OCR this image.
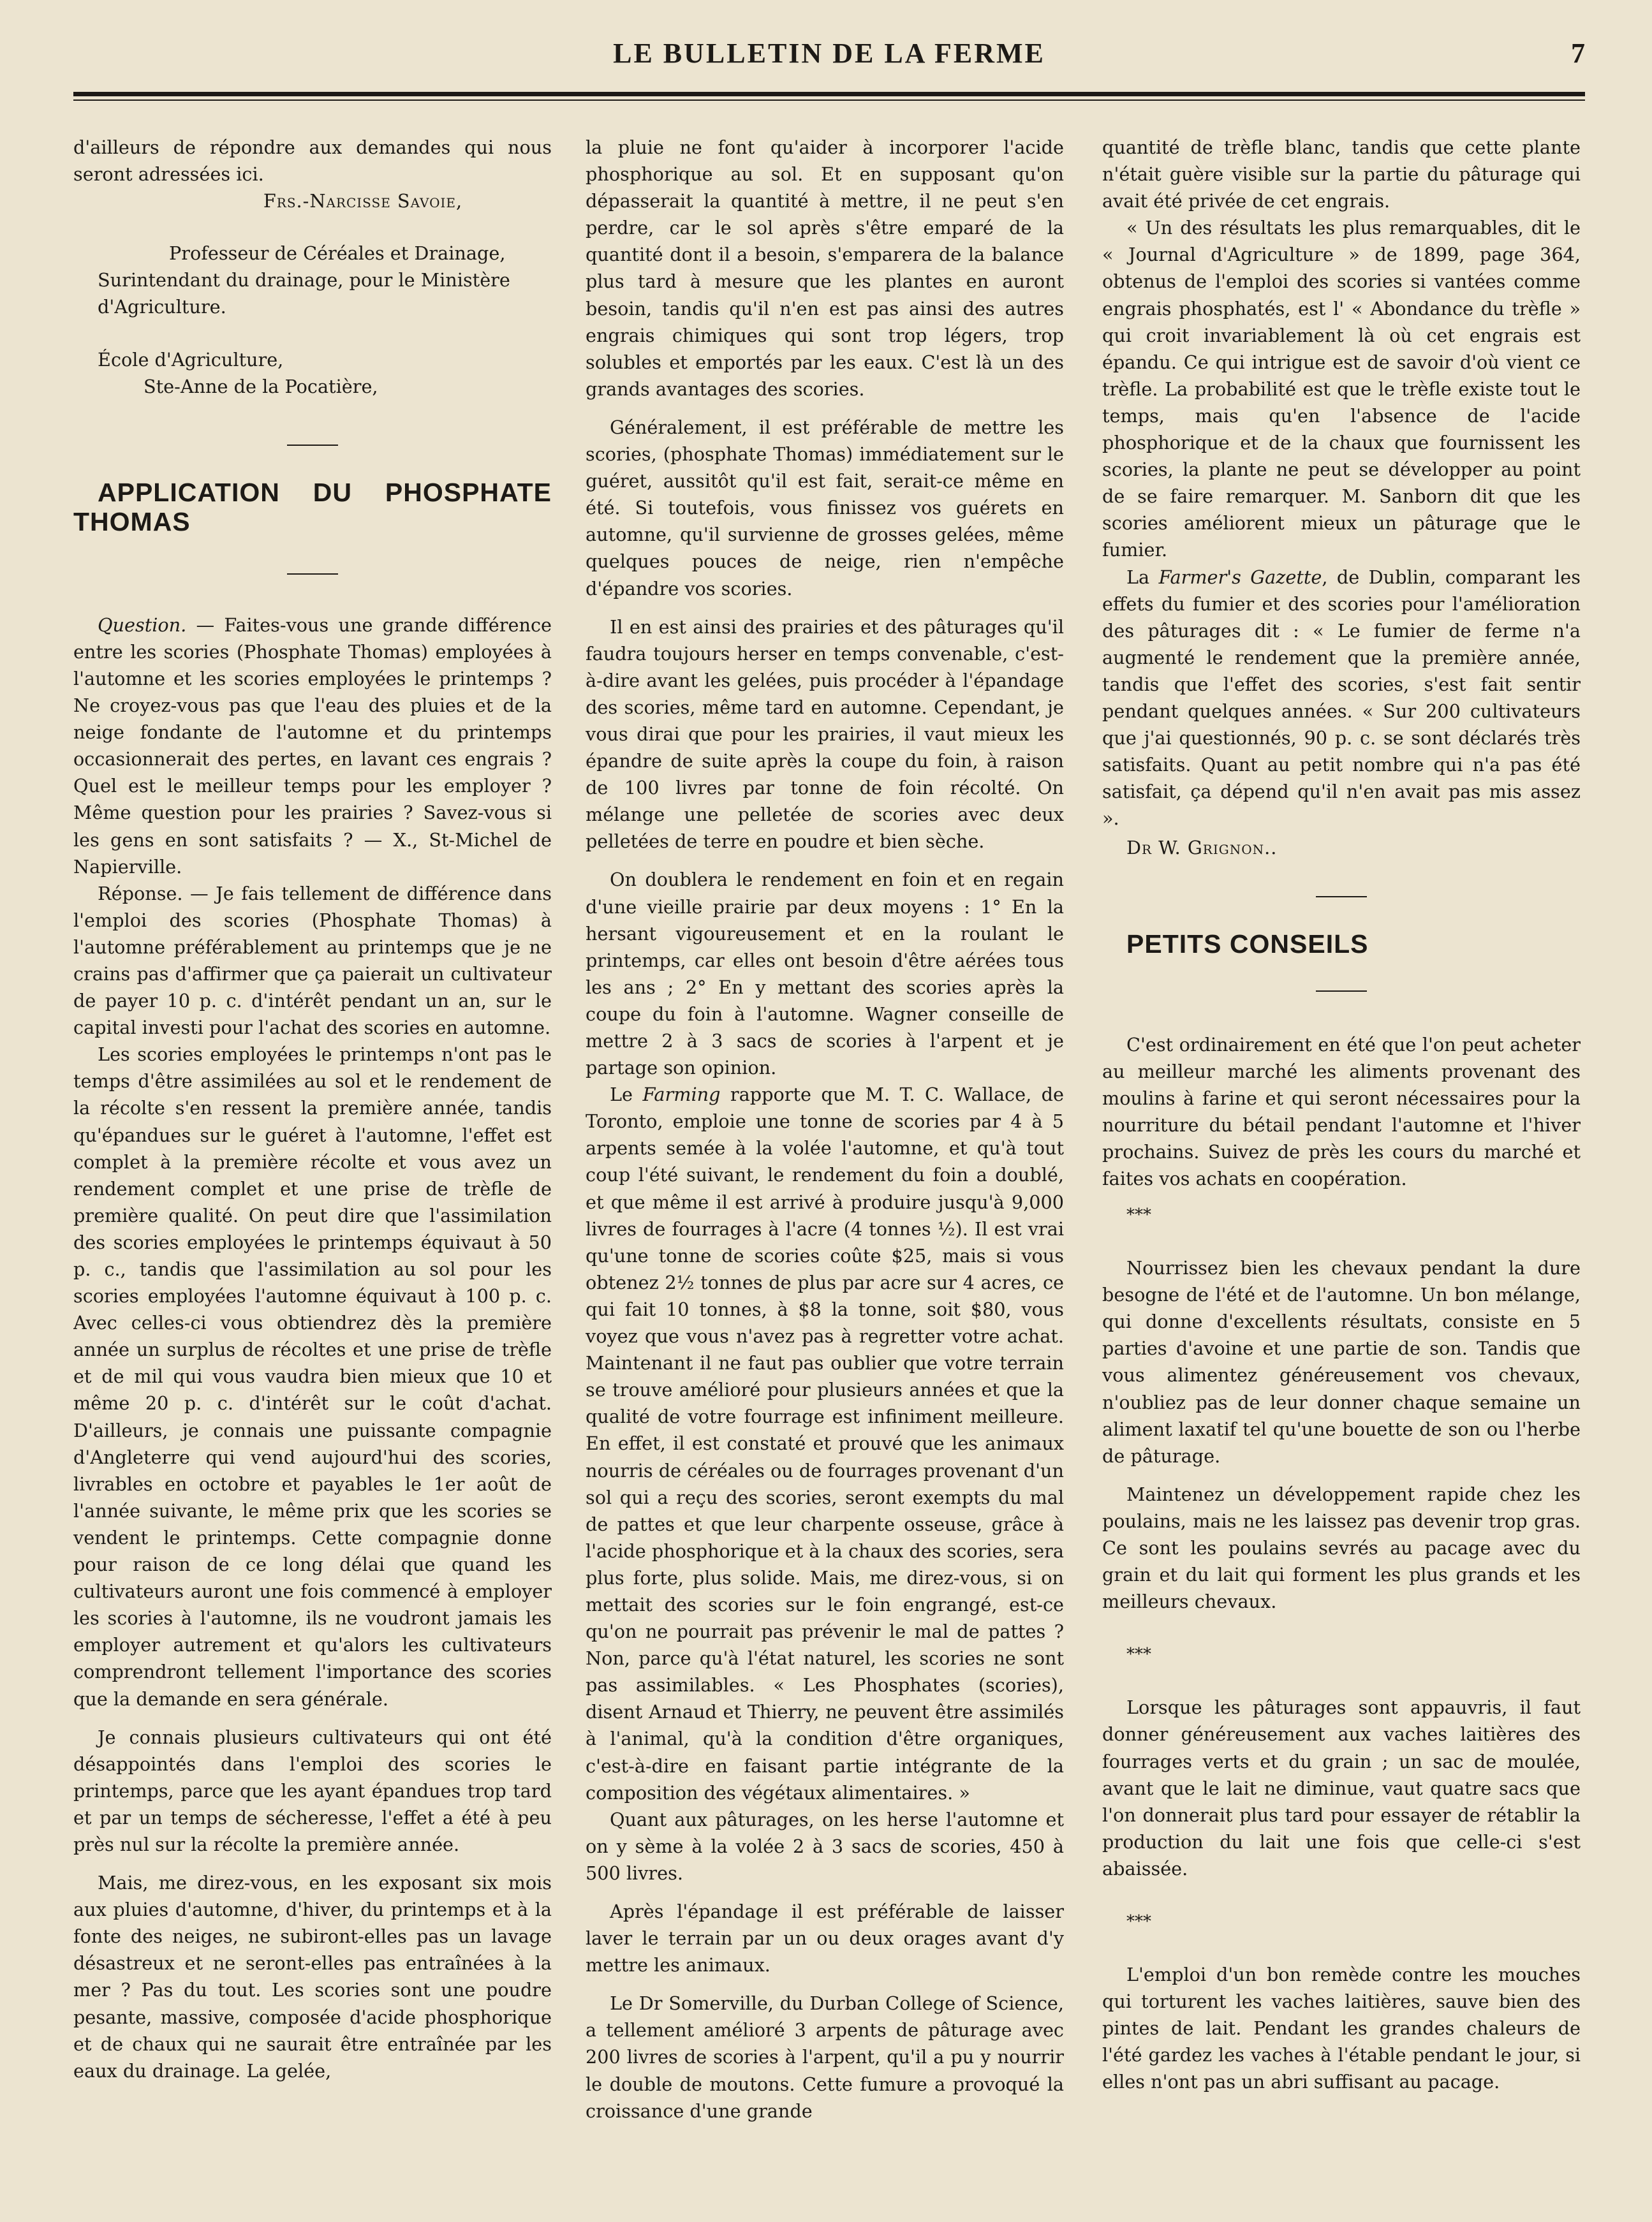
LE BULLETIN DE LA FERME	7

d'ailleurs de répondre aux demandes qui nous seront adressées ici.

Frs.-Narcisse Savoie,

Professeur de Céréales et Drainage,

Surintendant du drainage, pour le Ministère

d'Agriculture.

École d'Agriculture,

Ste-Anne de la Pocatière,

APPLICATION DU PHOSPHATE THOMAS

Question. — Faites-vous une grande différence entre les scories (Phosphate Thomas) employées à l'automne et les scories employées le printemps ? Ne croyez-vous pas que l'eau des pluies et de la neige fondante de l'automne et du printemps occasionnerait des pertes, en lavant ces engrais ? Quel est le meilleur temps pour les employer ? Même question pour les prairies ? Savez-vous si les gens en sont satisfaits ? — X., St-Michel de Napierville.

Réponse. — Je fais tellement de différence dans l'emploi des scories (Phosphate Thomas) à l'automne préférablement au printemps que je ne crains pas d'affirmer que ça paierait un cultivateur de payer 10 p. c. d'intérêt pendant un an, sur le capital investi pour l'achat des scories en automne.

Les scories employées le printemps n'ont pas le temps d'être assimilées au sol et le rendement de la récolte s'en ressent la première année, tandis qu'épandues sur le guéret à l'automne, l'effet est complet à la première récolte et vous avez un rendement complet et une prise de trèfle de première qualité. On peut dire que l'assimilation des scories employées le printemps équivaut à 50 p. c., tandis que l'assimilation au sol pour les scories employées l'automne équivaut à 100 p. c. Avec celles-ci vous obtiendrez dès la première année un surplus de récoltes et une prise de trèfle et de mil qui vous vaudra bien mieux que 10 et même 20 p. c. d'intérêt sur le coût d'achat. D'ailleurs, je connais une puissante compagnie d'Angleterre qui vend aujourd'hui des scories, livrables en octobre et payables le 1er août de l'année suivante, le même prix que les scories se vendent le printemps. Cette compagnie donne pour raison de ce long délai que quand les cultivateurs auront une fois commencé à employer les scories à l'automne, ils ne voudront jamais les employer autrement et qu'alors les cultivateurs comprendront tellement l'importance des scories que la demande en sera générale.

Je connais plusieurs cultivateurs qui ont été désappointés dans l'emploi des scories le printemps, parce que les ayant épandues trop tard et par un temps de sécheresse, l'effet a été à peu près nul sur la récolte la première année.

Mais, me direz-vous, en les exposant six mois aux pluies d'automne, d'hiver, du printemps et à la fonte des neiges, ne subiront-elles pas un lavage désastreux et ne seront-elles pas entraînées à la mer ? Pas du tout. Les scories sont une poudre pesante, massive, composée d'acide phosphorique et de chaux qui ne saurait être entraînée par les eaux du drainage. La gelée,

la pluie ne font qu'aider à incorporer l'acide phosphorique au sol. Et en supposant qu'on dépasserait la quantité à mettre, il ne peut s'en perdre, car le sol après s'être emparé de la quantité dont il a besoin, s'emparera de la balance plus tard à mesure que les plantes en auront besoin, tandis qu'il n'en est pas ainsi des autres engrais chimiques qui sont trop légers, trop solubles et emportés par les eaux. C'est là un des grands avantages des scories.

Généralement, il est préférable de mettre les scories, (phosphate Thomas) immédiatement sur le guéret, aussitôt qu'il est fait, serait-ce même en été. Si toutefois, vous finissez vos guérets en automne, qu'il survienne de grosses gelées, même quelques pouces de neige, rien n'empêche d'épandre vos scories.

Il en est ainsi des prairies et des pâturages qu'il faudra toujours herser en temps convenable, c'est-à-dire avant les gelées, puis procéder à l'épandage des scories, même tard en automne. Cependant, je vous dirai que pour les prairies, il vaut mieux les épandre de suite après la coupe du foin, à raison de 100 livres par tonne de foin récolté. On mélange une pelletée de scories avec deux pelletées de terre en poudre et bien sèche.

On doublera le rendement en foin et en regain d'une vieille prairie par deux moyens : 1° En la hersant vigoureusement et en la roulant le printemps, car elles ont besoin d'être aérées tous les ans ; 2° En y mettant des scories après la coupe du foin à l'automne. Wagner conseille de mettre 2 à 3 sacs de scories à l'arpent et je partage son opinion.

Le Farming rapporte que M. T. C. Wallace, de Toronto, emploie une tonne de scories par 4 à 5 arpents semée à la volée l'automne, et qu'à tout coup l'été suivant, le rendement du foin a doublé, et que même il est arrivé à produire jusqu'à 9,000 livres de fourrages à l'acre (4 tonnes ½). Il est vrai qu'une tonne de scories coûte $25, mais si vous obtenez 2½ tonnes de plus par acre sur 4 acres, ce qui fait 10 tonnes, à $8 la tonne, soit $80, vous voyez que vous n'avez pas à regretter votre achat. Maintenant il ne faut pas oublier que votre terrain se trouve amélioré pour plusieurs années et que la qualité de votre fourrage est infiniment meilleure. En effet, il est constaté et prouvé que les animaux nourris de céréales ou de fourrages provenant d'un sol qui a reçu des scories, seront exempts du mal de pattes et que leur charpente osseuse, grâce à l'acide phosphorique et à la chaux des scories, sera plus forte, plus solide. Mais, me direz-vous, si on mettait des scories sur le foin engrangé, est-ce qu'on ne pourrait pas prévenir le mal de pattes ? Non, parce qu'à l'état naturel, les scories ne sont pas assimilables. « Les Phosphates (scories), disent Arnaud et Thierry, ne peuvent être assimilés à l'animal, qu'à la condition d'être organiques, c'est-à-dire en faisant partie intégrante de la composition des végétaux alimentaires. »

Quant aux pâturages, on les herse l'automne et on y sème à la volée 2 à 3 sacs de scories, 450 à 500 livres.

Après l'épandage il est préférable de laisser laver le terrain par un ou deux orages avant d'y mettre les animaux.

Le Dr Somerville, du Durban College of Science, a tellement amélioré 3 arpents de pâturage avec 200 livres de scories à l'arpent, qu'il a pu y nourrir le double de moutons. Cette fumure a provoqué la croissance d'une grande

quantité de trèfle blanc, tandis que cette plante n'était guère visible sur la partie du pâturage qui avait été privée de cet engrais.

« Un des résultats les plus remarquables, dit le « Journal d'Agriculture » de 1899, page 364, obtenus de l'emploi des scories si vantées comme engrais phosphatés, est l' « Abondance du trèfle » qui croit invariablement là où cet engrais est épandu. Ce qui intrigue est de savoir d'où vient ce trèfle. La probabilité est que le trèfle existe tout le temps, mais qu'en l'absence de l'acide phosphorique et de la chaux que fournissent les scories, la plante ne peut se développer au point de se faire remarquer. M. Sanborn dit que les scories améliorent mieux un pâturage que le fumier.

La Farmer's Gazette, de Dublin, comparant les effets du fumier et des scories pour l'amélioration des pâturages dit : « Le fumier de ferme n'a augmenté le rendement que la première année, tandis que l'effet des scories, s'est fait sentir pendant quelques années. « Sur 200 cultivateurs que j'ai questionnés, 90 p. c. se sont déclarés très satisfaits. Quant au petit nombre qui n'a pas été satisfait, ça dépend qu'il n'en avait pas mis assez ».

Dr W. Grignon..

PETITS CONSEILS

C'est ordinairement en été que l'on peut acheter au meilleur marché les aliments provenant des moulins à farine et qui seront nécessaires pour la nourriture du bétail pendant l'automne et l'hiver prochains. Suivez de près les cours du marché et faites vos achats en coopération.

***

Nourrissez bien les chevaux pendant la dure besogne de l'été et de l'automne. Un bon mélange, qui donne d'excellents résultats, consiste en 5 parties d'avoine et une partie de son. Tandis que vous alimentez généreusement vos chevaux, n'oubliez pas de leur donner chaque semaine un aliment laxatif tel qu'une bouette de son ou l'herbe de pâturage.

Maintenez un développement rapide chez les poulains, mais ne les laissez pas devenir trop gras. Ce sont les poulains sevrés au pacage avec du grain et du lait qui forment les plus grands et les meilleurs chevaux.

***

Lorsque les pâturages sont appauvris, il faut donner généreusement aux vaches laitières des fourrages verts et du grain ; un sac de moulée, avant que le lait ne diminue, vaut quatre sacs que l'on donnerait plus tard pour essayer de rétablir la production du lait une fois que celle-ci s'est abaissée.

***

L'emploi d'un bon remède contre les mouches qui torturent les vaches laitières, sauve bien des pintes de lait. Pendant les grandes chaleurs de l'été gardez les vaches à l'étable pendant le jour, si elles n'ont pas un abri suffisant au pacage.
